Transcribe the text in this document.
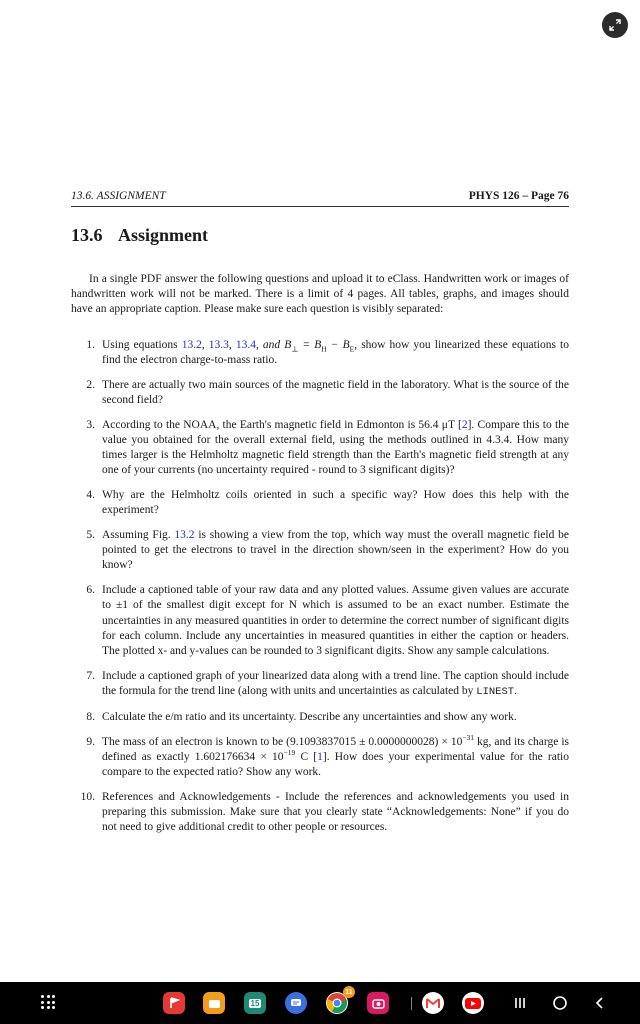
13.6. ASSIGNMENT	PHYS 126 – Page 76
13.6 Assignment
In a single PDF answer the following questions and upload it to eClass. Handwritten work or images of handwritten work will not be marked. There is a limit of 4 pages. All tables, graphs, and images should have an appropriate caption. Please make sure each question is visibly separated:
1. Using equations 13.2, 13.3, 13.4, and $B_\perp = B_H - B_E$, show how you linearized these equations to find the electron charge-to-mass ratio.
2. There are actually two main sources of the magnetic field in the laboratory. What is the source of the second field?
3. According to the NOAA, the Earth's magnetic field in Edmonton is 56.4 μT [2]. Compare this to the value you obtained for the overall external field, using the methods outlined in 4.3.4. How many times larger is the Helmholtz magnetic field strength than the Earth's magnetic field strength at any one of your currents (no uncertainty required - round to 3 significant digits)?
4. Why are the Helmholtz coils oriented in such a specific way? How does this help with the experiment?
5. Assuming Fig. 13.2 is showing a view from the top, which way must the overall magnetic field be pointed to get the electrons to travel in the direction shown/seen in the experiment? How do you know?
6. Include a captioned table of your raw data and any plotted values. Assume given values are accurate to ±1 of the smallest digit except for N which is assumed to be an exact number. Estimate the uncertainties in any measured quantities in order to determine the correct number of significant digits for each column. Include any uncertainties in measured quantities in either the caption or headers. The plotted x- and y-values can be rounded to 3 significant digits. Show any sample calculations.
7. Include a captioned graph of your linearized data along with a trend line. The caption should include the formula for the trend line (along with units and uncertainties as calculated by LINEST.
8. Calculate the e/m ratio and its uncertainty. Describe any uncertainties and show any work.
9. The mass of an electron is known to be $(9.1093837015 \pm 0.0000000028) \times 10^{-31}$ kg, and its charge is defined as exactly $1.602176634 \times 10^{-19}$ C [1]. How does your experimental value for the ratio compare to the expected ratio? Show any work.
10. References and Acknowledgements - Include the references and acknowledgements you used in preparing this submission. Make sure that you clearly state “Acknowledgements: None” if you do not need to give additional credit to other people or resources.
15
11
